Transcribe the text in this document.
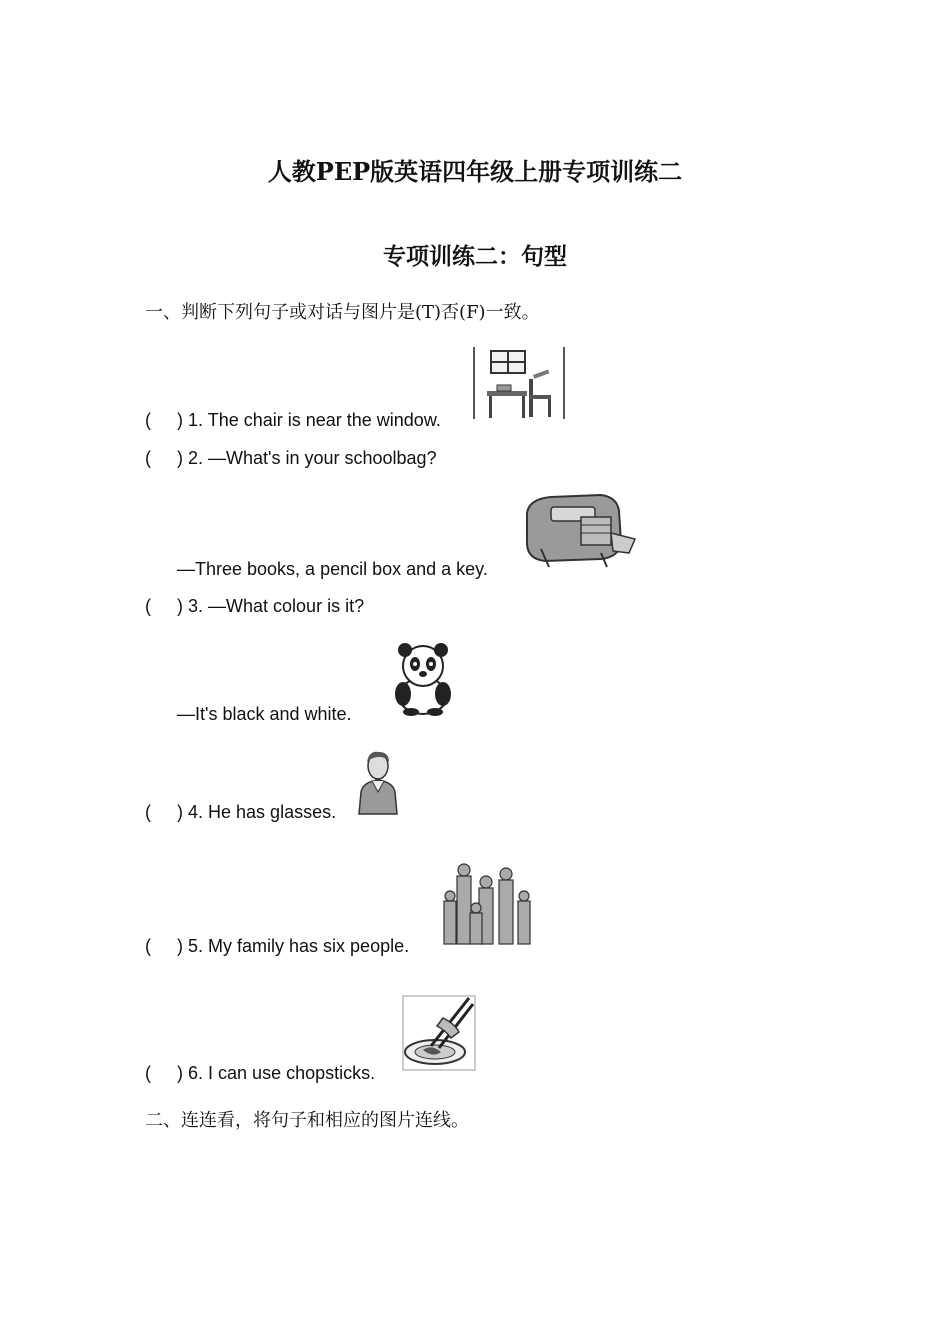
人教PEP版英语四年级上册专项训练二
专项训练二：句型
一、判断下列句子或对话与图片是(T)否(F)一致。
( ) 1. The chair is near the window.
( ) 2. —What's in your schoolbag?
—Three books, a pencil box and a key.
( ) 3. —What colour is it?
—It's black and white.
( ) 4. He has glasses.
( ) 5. My family has six people.
( ) 6. I can use chopsticks.
二、连连看，将句子和相应的图片连线。
